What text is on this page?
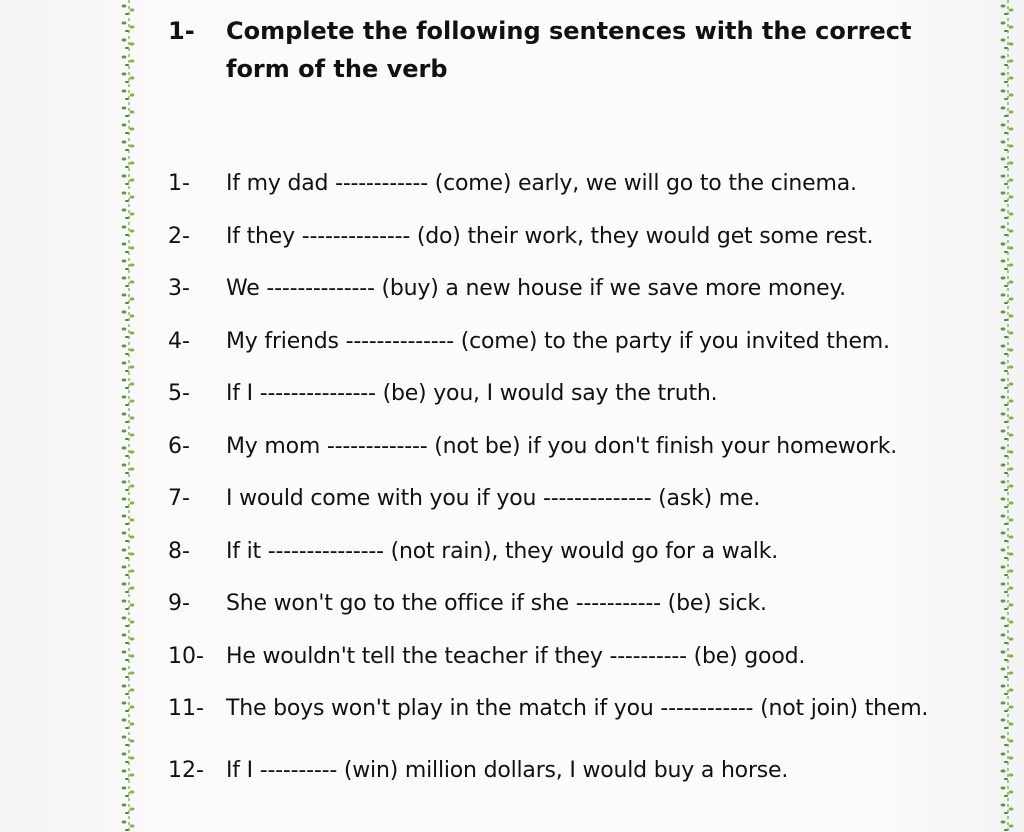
1-	Complete the following sentences with the correct form of the verb
1-	If my dad ------------ (come) early, we will go to the cinema.
2-	If they -------------- (do) their work, they would get some rest.
3-	We -------------- (buy) a new house if we save more money.
4-	My friends -------------- (come) to the party if you invited them.
5-	If I --------------- (be) you, I would say the truth.
6-	My mom ------------- (not be) if you don't finish your homework.
7-	I would come with you if you -------------- (ask) me.
8-	If it --------------- (not rain), they would go for a walk.
9-	She won't go to the office if she ----------- (be) sick.
10-	He wouldn't tell the teacher if they ---------- (be) good.
11-	The boys won't play in the match if you ------------ (not join) them.
12-	If I ---------- (win) million dollars, I would buy a horse.
